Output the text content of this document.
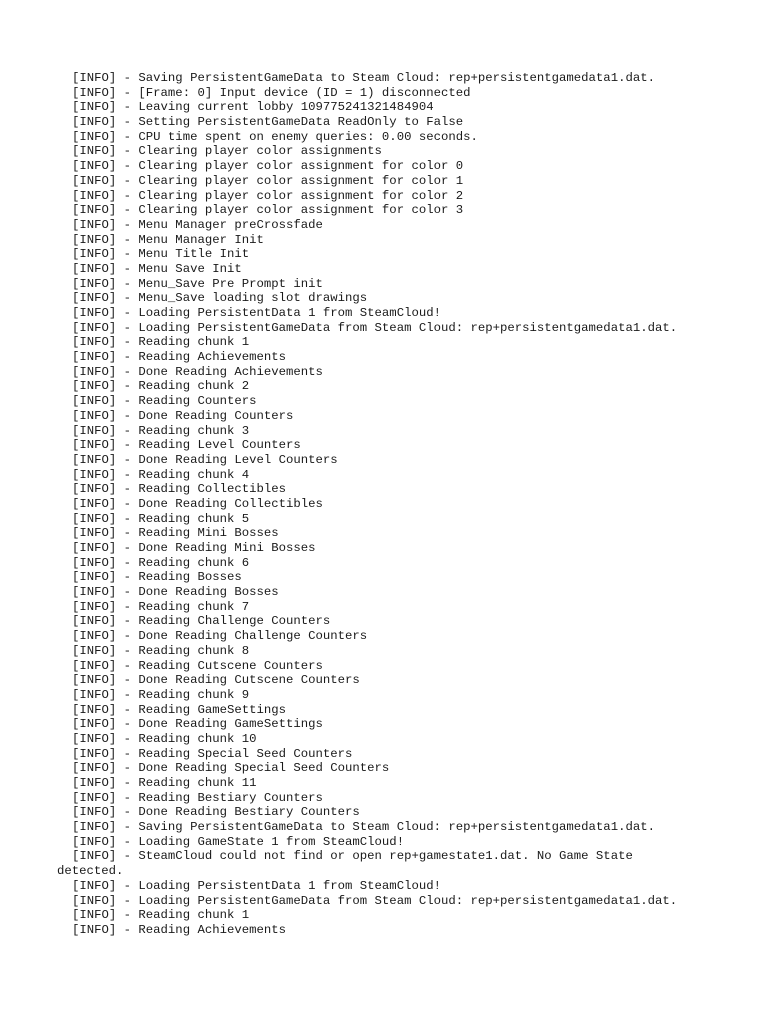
[INFO] - Saving PersistentGameData to Steam Cloud: rep+persistentgamedata1.dat.
[INFO] - [Frame: 0] Input device (ID = 1) disconnected
[INFO] - Leaving current lobby 109775241321484904
[INFO] - Setting PersistentGameData ReadOnly to False
[INFO] - CPU time spent on enemy queries: 0.00 seconds.
[INFO] - Clearing player color assignments
[INFO] - Clearing player color assignment for color 0
[INFO] - Clearing player color assignment for color 1
[INFO] - Clearing player color assignment for color 2
[INFO] - Clearing player color assignment for color 3
[INFO] - Menu Manager preCrossfade
[INFO] - Menu Manager Init
[INFO] - Menu Title Init
[INFO] - Menu Save Init
[INFO] - Menu_Save Pre Prompt init
[INFO] - Menu_Save loading slot drawings
[INFO] - Loading PersistentData 1 from SteamCloud!
[INFO] - Loading PersistentGameData from Steam Cloud: rep+persistentgamedata1.dat.
[INFO] - Reading chunk 1
[INFO] - Reading Achievements
[INFO] - Done Reading Achievements
[INFO] - Reading chunk 2
[INFO] - Reading Counters
[INFO] - Done Reading Counters
[INFO] - Reading chunk 3
[INFO] - Reading Level Counters
[INFO] - Done Reading Level Counters
[INFO] - Reading chunk 4
[INFO] - Reading Collectibles
[INFO] - Done Reading Collectibles
[INFO] - Reading chunk 5
[INFO] - Reading Mini Bosses
[INFO] - Done Reading Mini Bosses
[INFO] - Reading chunk 6
[INFO] - Reading Bosses
[INFO] - Done Reading Bosses
[INFO] - Reading chunk 7
[INFO] - Reading Challenge Counters
[INFO] - Done Reading Challenge Counters
[INFO] - Reading chunk 8
[INFO] - Reading Cutscene Counters
[INFO] - Done Reading Cutscene Counters
[INFO] - Reading chunk 9
[INFO] - Reading GameSettings
[INFO] - Done Reading GameSettings
[INFO] - Reading chunk 10
[INFO] - Reading Special Seed Counters
[INFO] - Done Reading Special Seed Counters
[INFO] - Reading chunk 11
[INFO] - Reading Bestiary Counters
[INFO] - Done Reading Bestiary Counters
[INFO] - Saving PersistentGameData to Steam Cloud: rep+persistentgamedata1.dat.
[INFO] - Loading GameState 1 from SteamCloud!
[INFO] - SteamCloud could not find or open rep+gamestate1.dat. No Game State
detected.
[INFO] - Loading PersistentData 1 from SteamCloud!
[INFO] - Loading PersistentGameData from Steam Cloud: rep+persistentgamedata1.dat.
[INFO] - Reading chunk 1
[INFO] - Reading Achievements
